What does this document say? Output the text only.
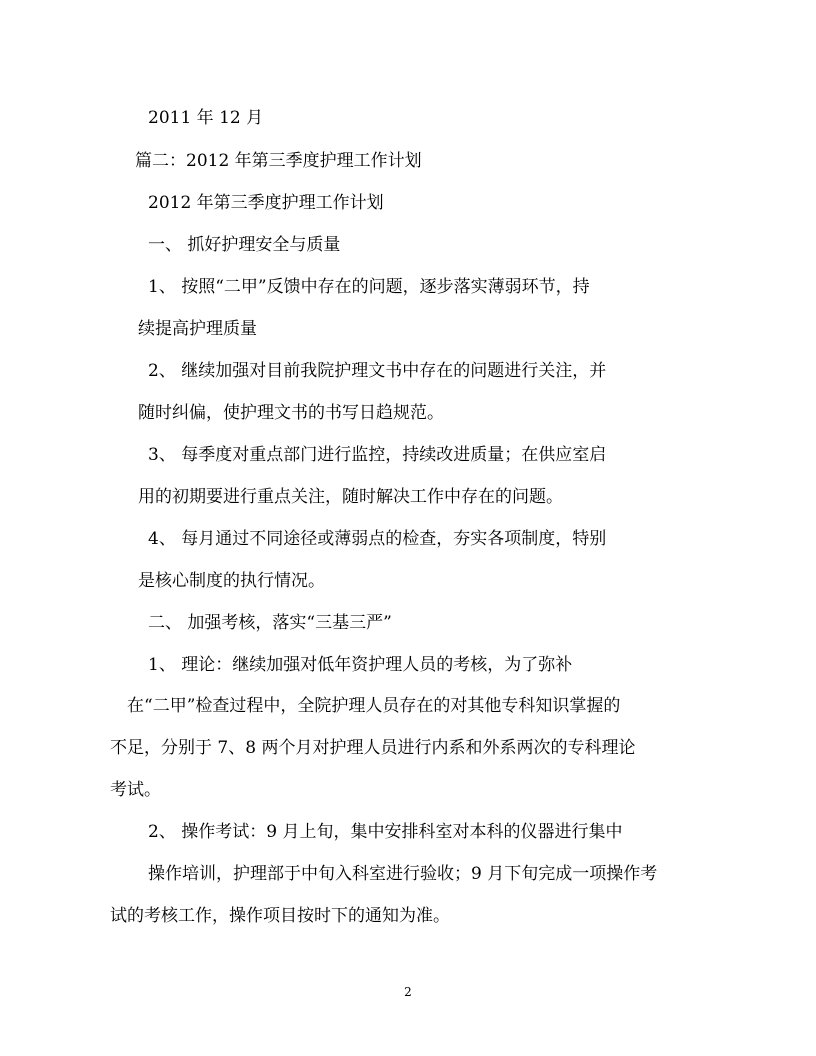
2011 年 12 月
篇二：2012 年第三季度护理工作计划
2012 年第三季度护理工作计划
一、 抓好护理安全与质量
1、 按照“二甲”反馈中存在的问题，逐步落实薄弱环节，持
续提高护理质量
2、 继续加强对目前我院护理文书中存在的问题进行关注，并
随时纠偏，使护理文书的书写日趋规范。
3、 每季度对重点部门进行监控，持续改进质量；在供应室启
用的初期要进行重点关注，随时解决工作中存在的问题。
4、 每月通过不同途径或薄弱点的检查，夯实各项制度，特别
是核心制度的执行情况。
二、 加强考核，落实“三基三严”
1、 理论：继续加强对低年资护理人员的考核，为了弥补
在“二甲”检查过程中，全院护理人员存在的对其他专科知识掌握的
不足，分别于 7、8 两个月对护理人员进行内系和外系两次的专科理论
考试。
2、 操作考试：9 月上旬，集中安排科室对本科的仪器进行集中
操作培训，护理部于中旬入科室进行验收；9 月下旬完成一项操作考
试的考核工作，操作项目按时下的通知为准。
2
